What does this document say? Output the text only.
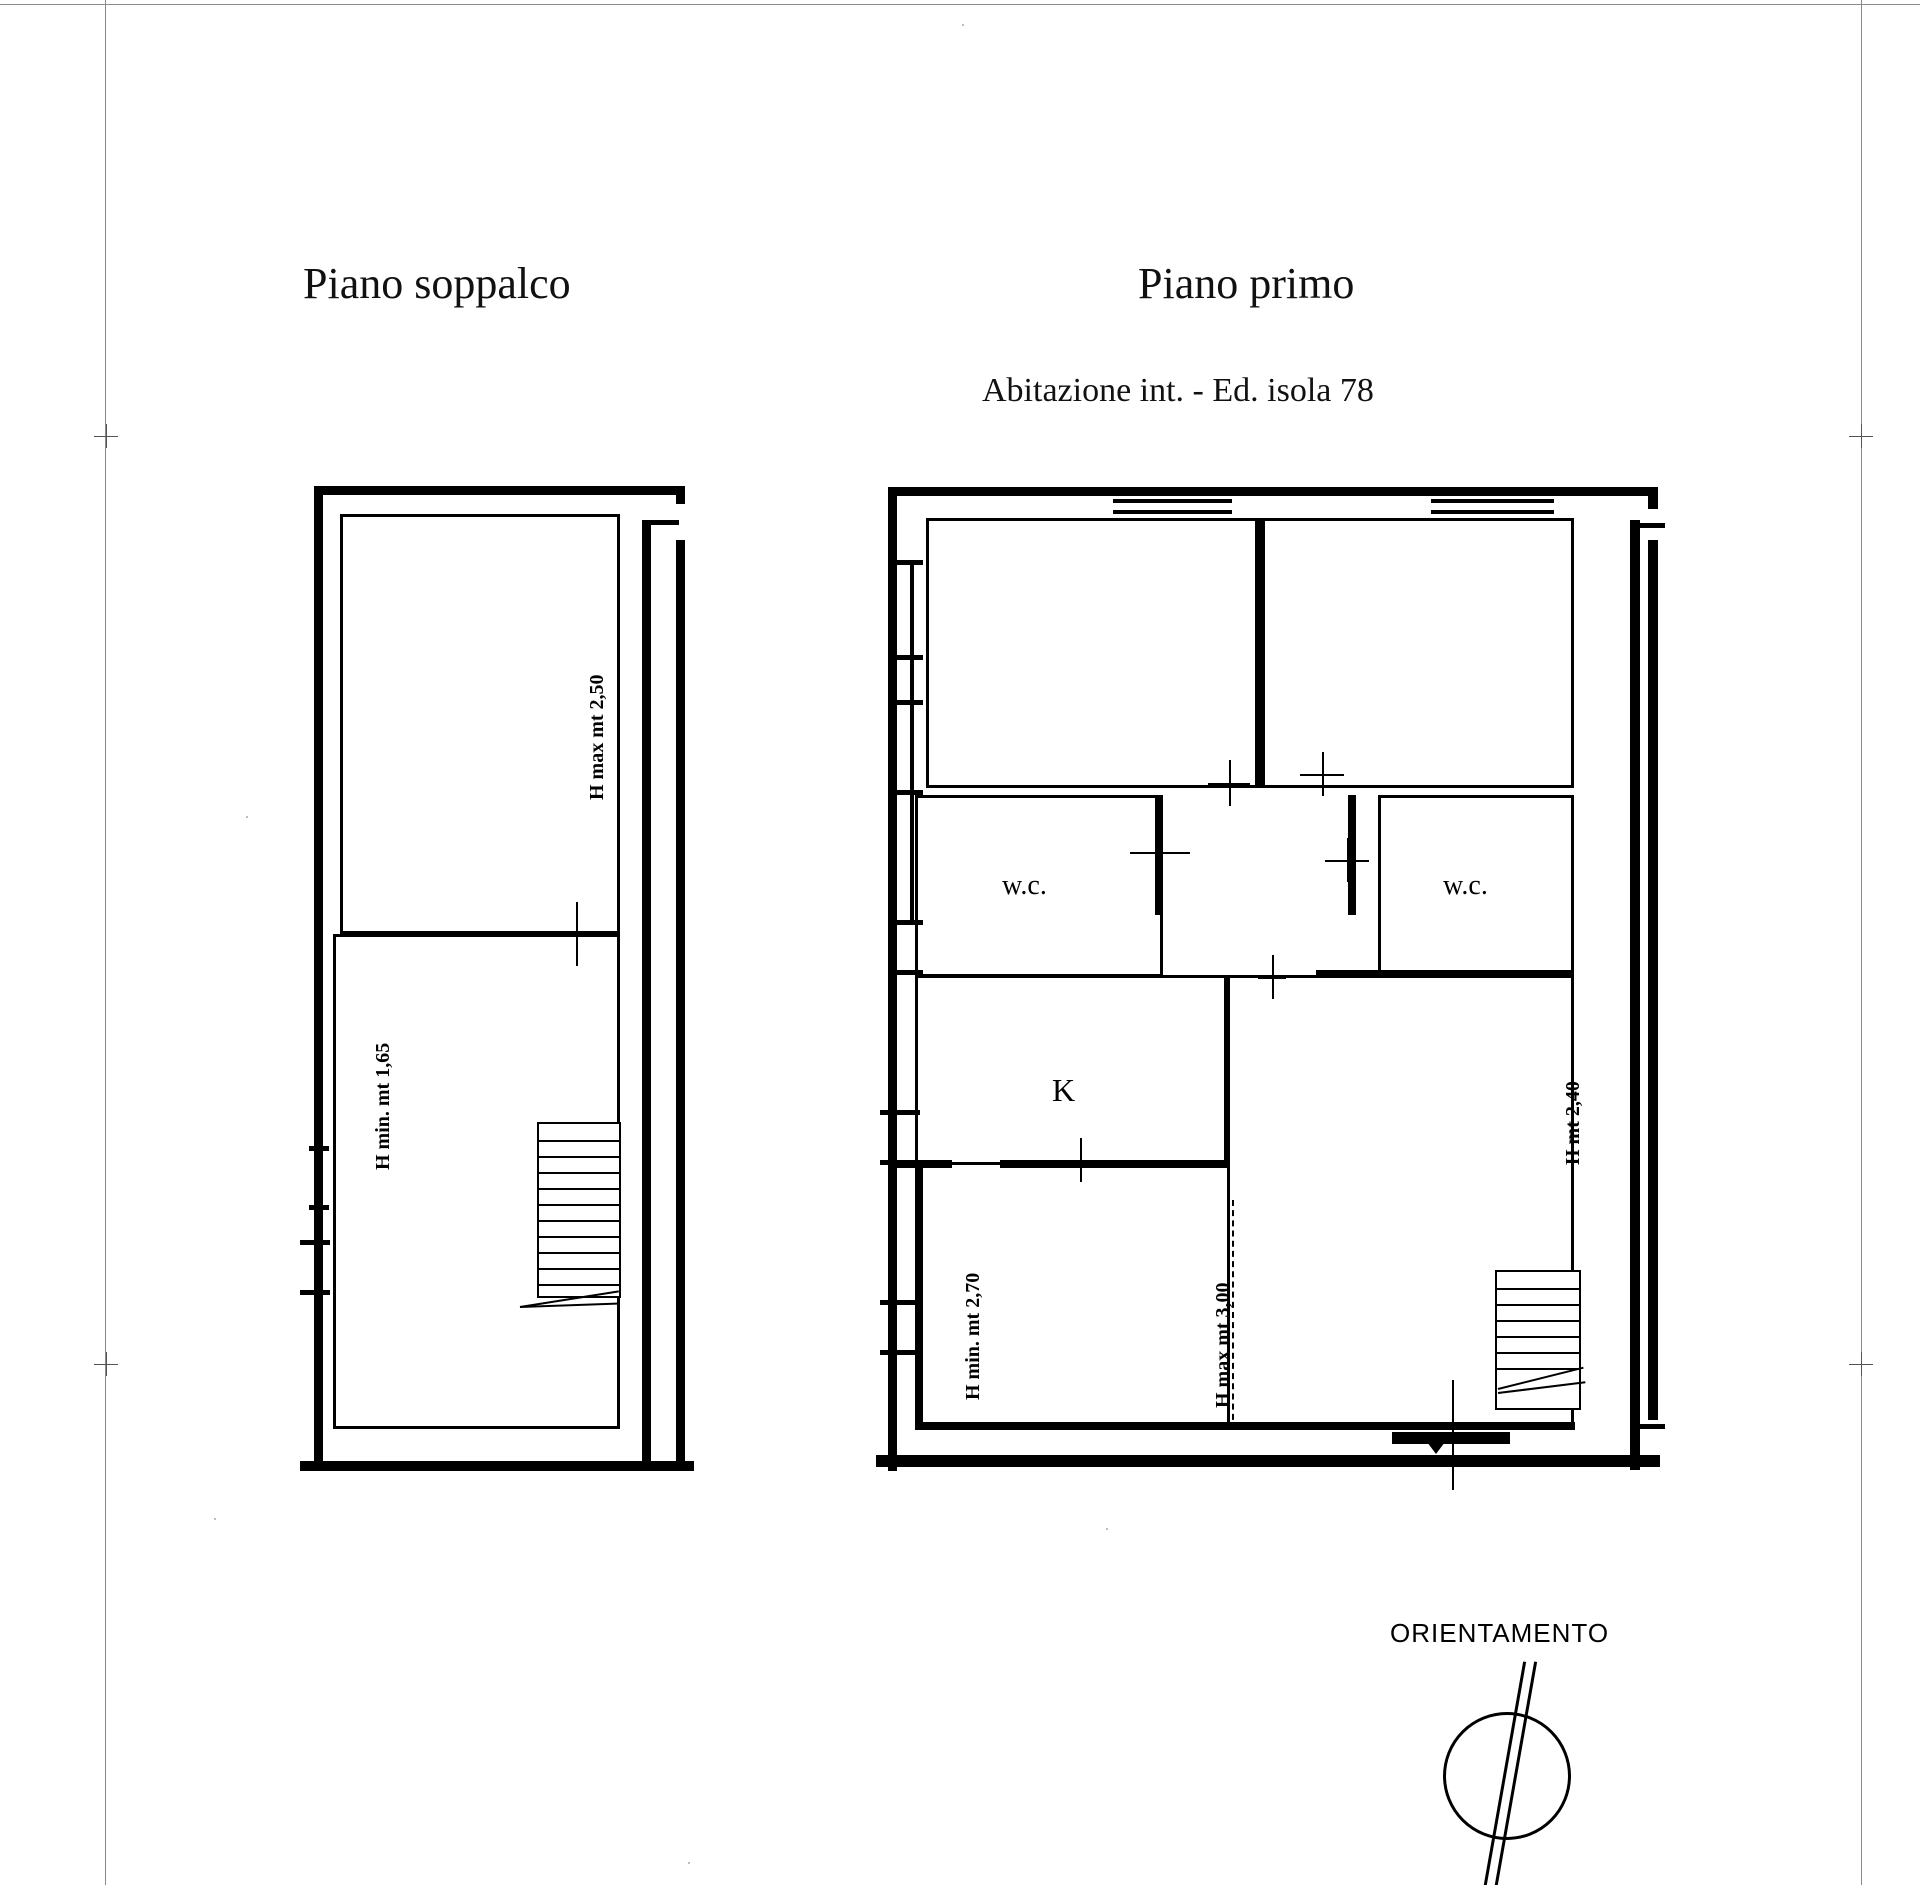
Piano soppalco	Piano primo
Abitazione int. - Ed. isola 78
H max mt 2,50
H min. mt 1,65
w.c.	w.c.
K	H mt 2,40
H min. mt 2,70	H max mt 3,00
ORIENTAMENTO
